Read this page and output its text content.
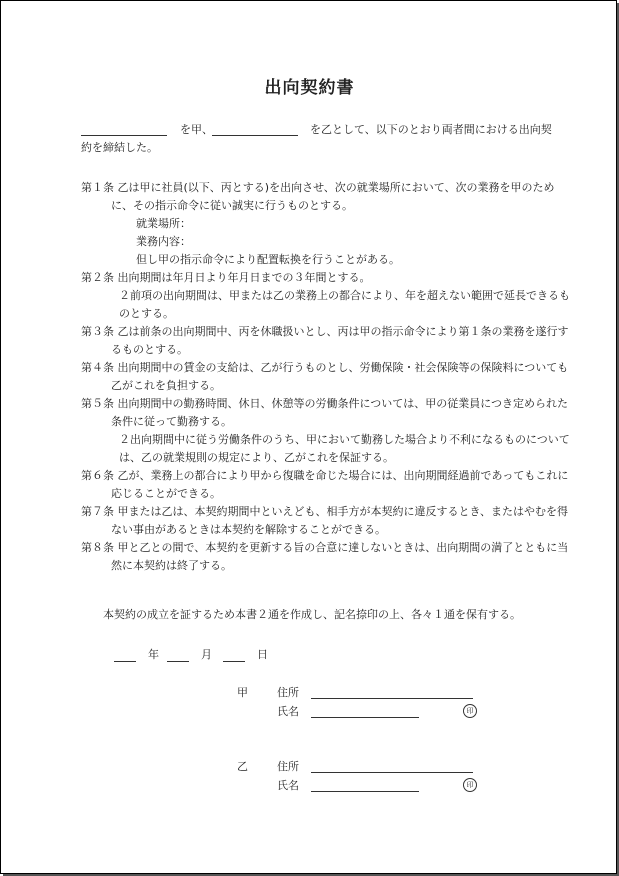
出向契約書
を甲、	を乙として、以下のとおり両者間における出向契
約を締結した。
第１条 乙は甲に社員(以下、丙とする)を出向させ、次の就業場所において、次の業務を甲のため
に、その指示命令に従い誠実に行うものとする。
就業場所：
業務内容：
但し甲の指示命令により配置転換を行うことがある。
第２条 出向期間は年月日より年月日までの３年間とする。
２前項の出向期間は、甲または乙の業務上の都合により、年を超えない範囲で延長できるも
のとする。
第３条 乙は前条の出向期間中、丙を休職扱いとし、丙は甲の指示命令により第１条の業務を遂行す
るものとする。
第４条 出向期間中の賃金の支給は、乙が行うものとし、労働保険・社会保険等の保険料についても
乙がこれを負担する。
第５条 出向期間中の勤務時間、休日、休憩等の労働条件については、甲の従業員につき定められた
条件に従って勤務する。
２出向期間中に従う労働条件のうち、甲において勤務した場合より不利になるものについて
は、乙の就業規則の規定により、乙がこれを保証する。
第６条 乙が、業務上の都合により甲から復職を命じた場合には、出向期間経過前であってもこれに
応じることができる。
第７条 甲または乙は、本契約期間中といえども、相手方が本契約に違反するとき、またはやむを得
ない事由があるときは本契約を解除することができる。
第８条 甲と乙との間で、本契約を更新する旨の合意に達しないときは、出向期間の満了とともに当
然に本契約は終了する。
本契約の成立を証するため本書２通を作成し、記名捺印の上、各々１通を保有する。
年	月	日
甲	住所
氏名	印
乙	住所
氏名	印
